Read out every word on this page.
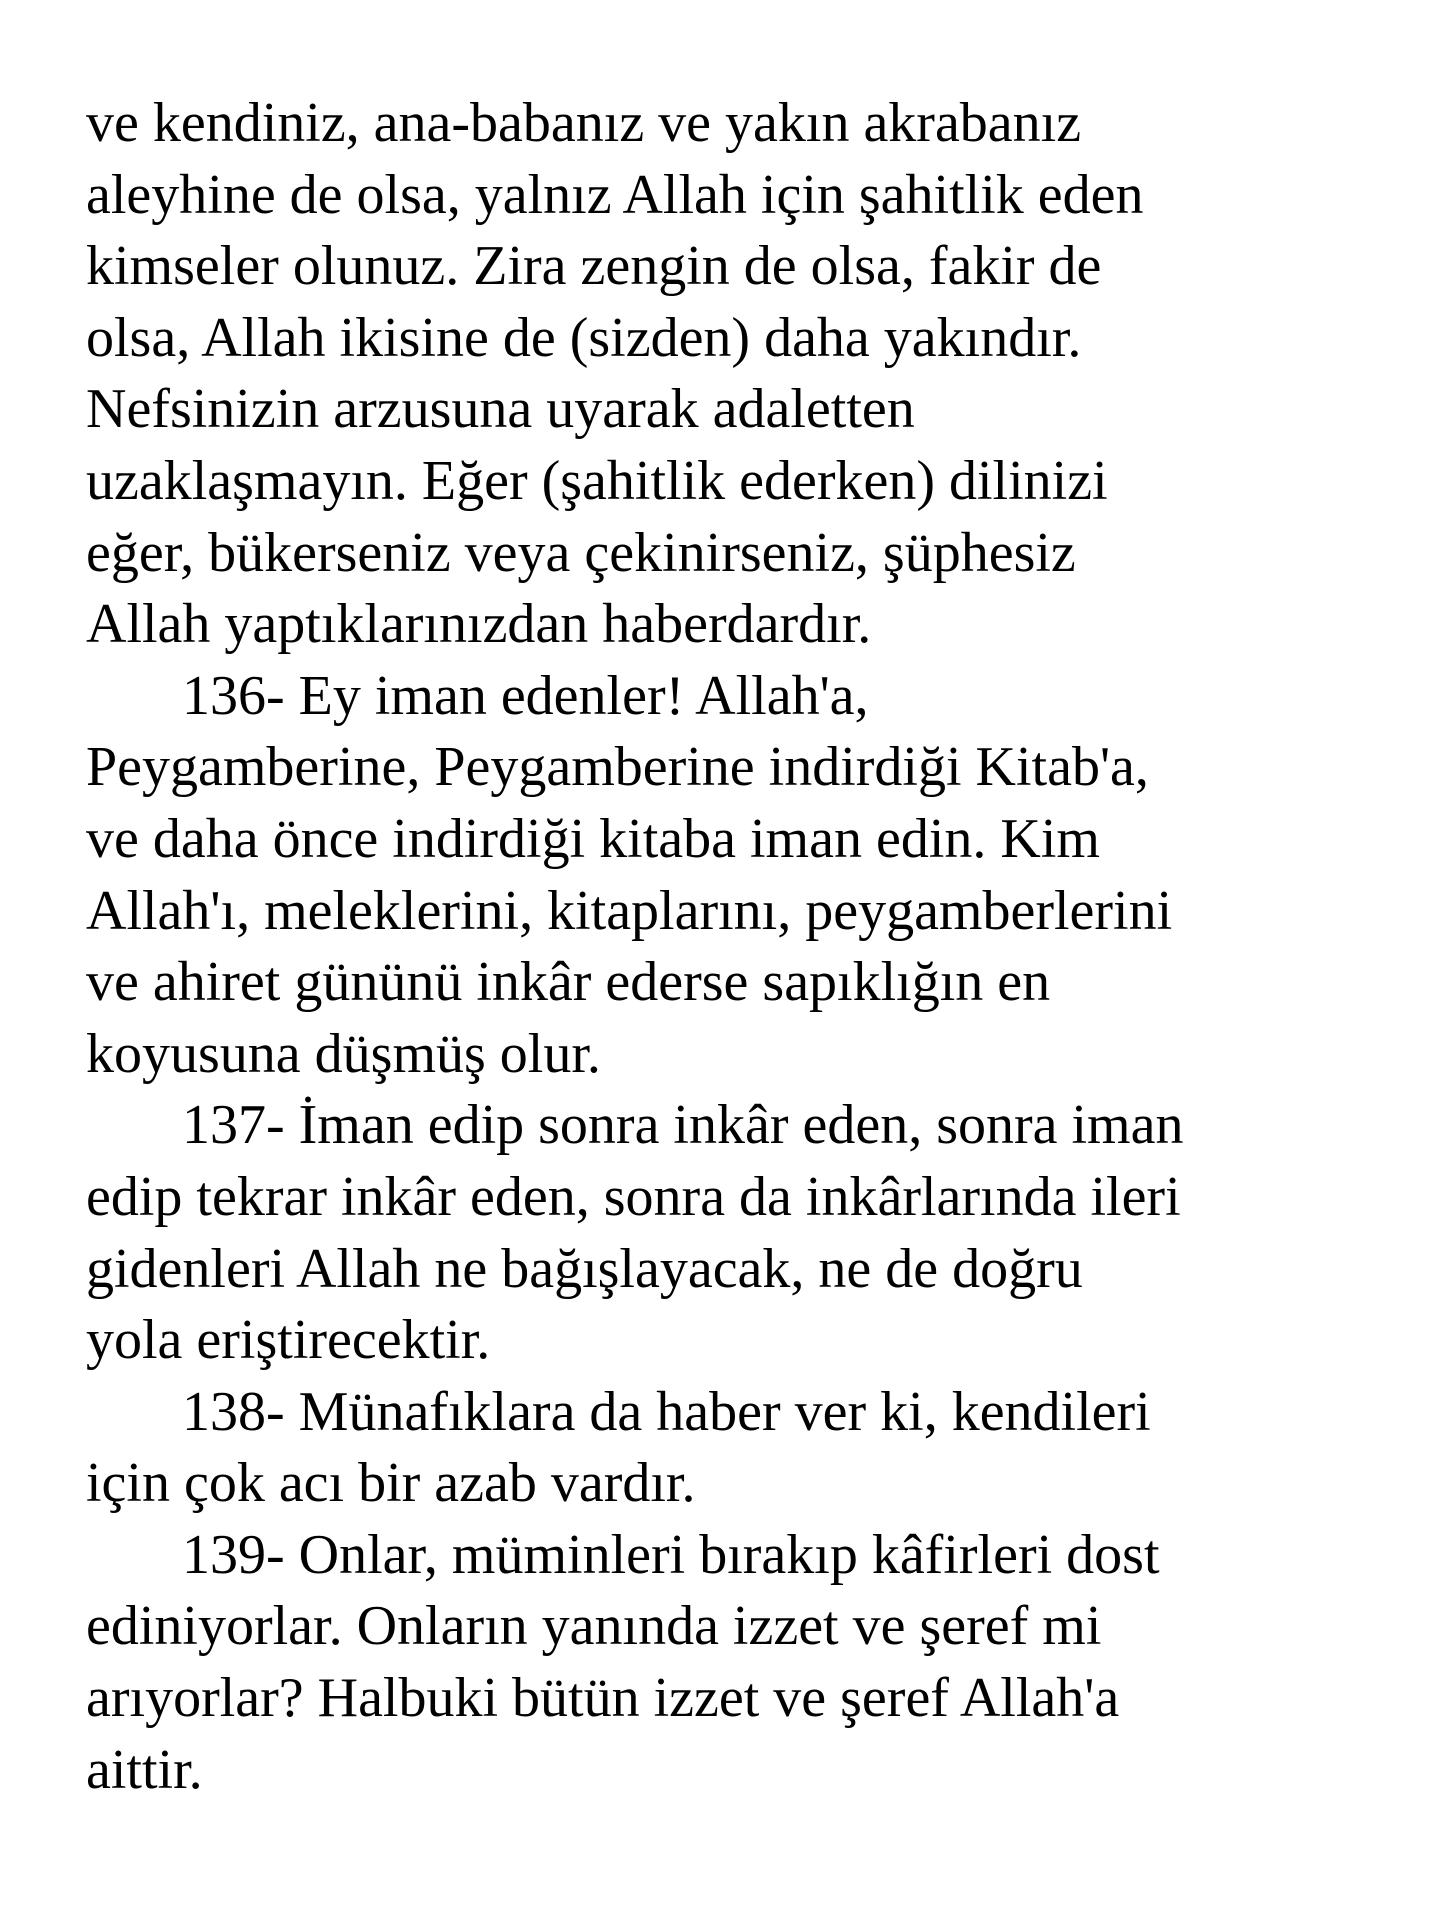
ve kendiniz, ana-babanız ve yakın akrabanız
aleyhine de olsa, yalnız Allah için şahitlik eden
kimseler olunuz. Zira zengin de olsa, fakir de
olsa, Allah ikisine de (sizden) daha yakındır.
Nefsinizin arzusuna uyarak adaletten
uzaklaşmayın. Eğer (şahitlik ederken) dilinizi
eğer, bükerseniz veya çekinirseniz, şüphesiz
Allah yaptıklarınızdan haberdardır.
136- Ey iman edenler! Allah'a,
Peygamberine, Peygamberine indirdiği Kitab'a,
ve daha önce indirdiği kitaba iman edin. Kim
Allah'ı, meleklerini, kitaplarını, peygamberlerini
ve ahiret gününü inkâr ederse sapıklığın en
koyusuna düşmüş olur.
137- İman edip sonra inkâr eden, sonra iman
edip tekrar inkâr eden, sonra da inkârlarında ileri
gidenleri Allah ne bağışlayacak, ne de doğru
yola eriştirecektir.
138- Münafıklara da haber ver ki, kendileri
için çok acı bir azab vardır.
139- Onlar, müminleri bırakıp kâfirleri dost
ediniyorlar. Onların yanında izzet ve şeref mi
arıyorlar? Halbuki bütün izzet ve şeref Allah'a
aittir.
